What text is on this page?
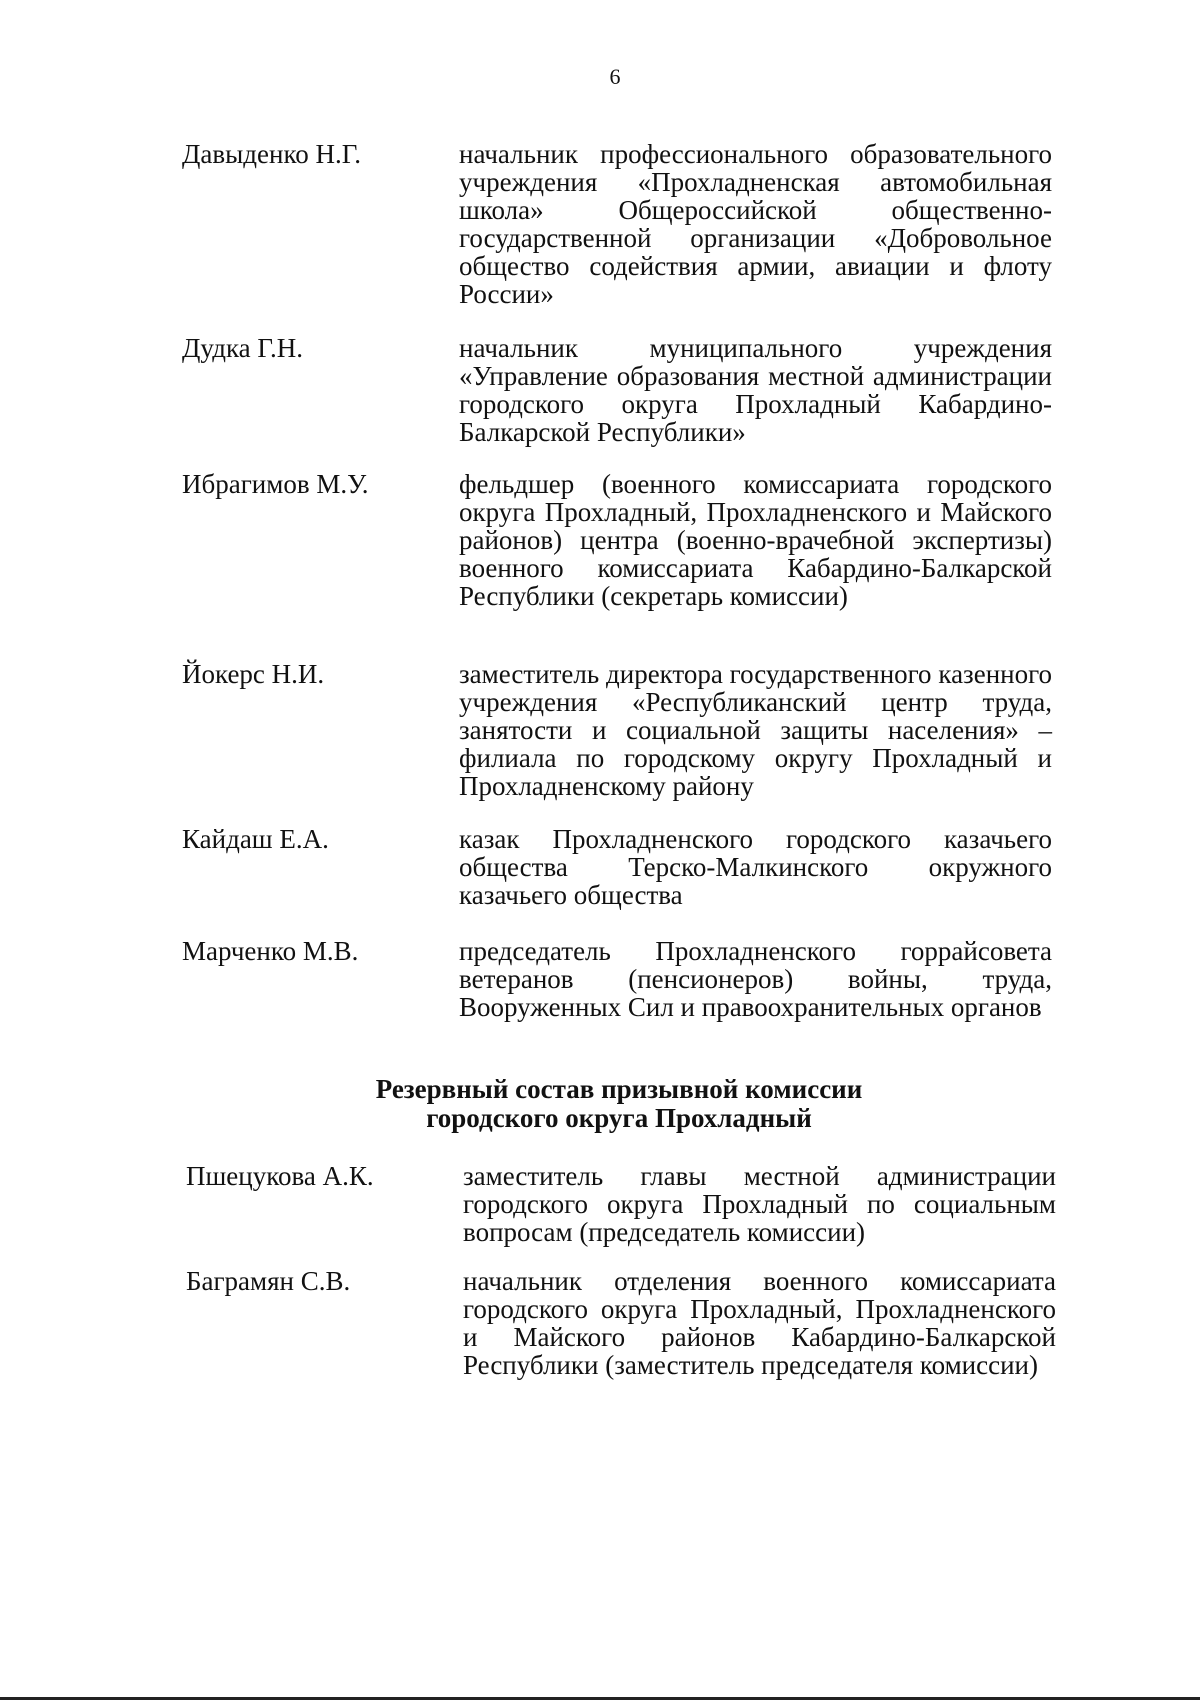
6
Давыденко Н.Г.	начальник профессионального образовательного учреждения «Прохладненская автомобильная школа» Общероссийской общественно-государственной организации «Добровольное общество содействия армии, авиации и флоту России»
Дудка Г.Н.	начальник муниципального учреждения «Управление образования местной администрации городского округа Прохладный Кабардино-Балкарской Республики»
Ибрагимов М.У.	фельдшер (военного комиссариата городского округа Прохладный, Прохладненского и Майского районов) центра (военно-врачебной экспертизы) военного комиссариата Кабардино-Балкарской Республики (секретарь комиссии)
Йокерс Н.И.	заместитель директора государственного казенного учреждения «Республиканский центр труда, занятости и социальной защиты населения» – филиала по городскому округу Прохладный и Прохладненскому району
Кайдаш Е.А.	казак Прохладненского городского казачьего общества Терско-Малкинского окружного казачьего общества
Марченко М.В.	председатель Прохладненского горрайсовета ветеранов (пенсионеров) войны, труда, Вооруженных Сил и правоохранительных органов
Резервный состав призывной комиссии
городского округа Прохладный
Пшецукова А.К.	заместитель главы местной администрации городского округа Прохладный по социальным вопросам (председатель комиссии)
Баграмян С.В.	начальник отделения военного комиссариата городского округа Прохладный, Прохладненского и Майского районов Кабардино-Балкарской Республики (заместитель председателя комиссии)
